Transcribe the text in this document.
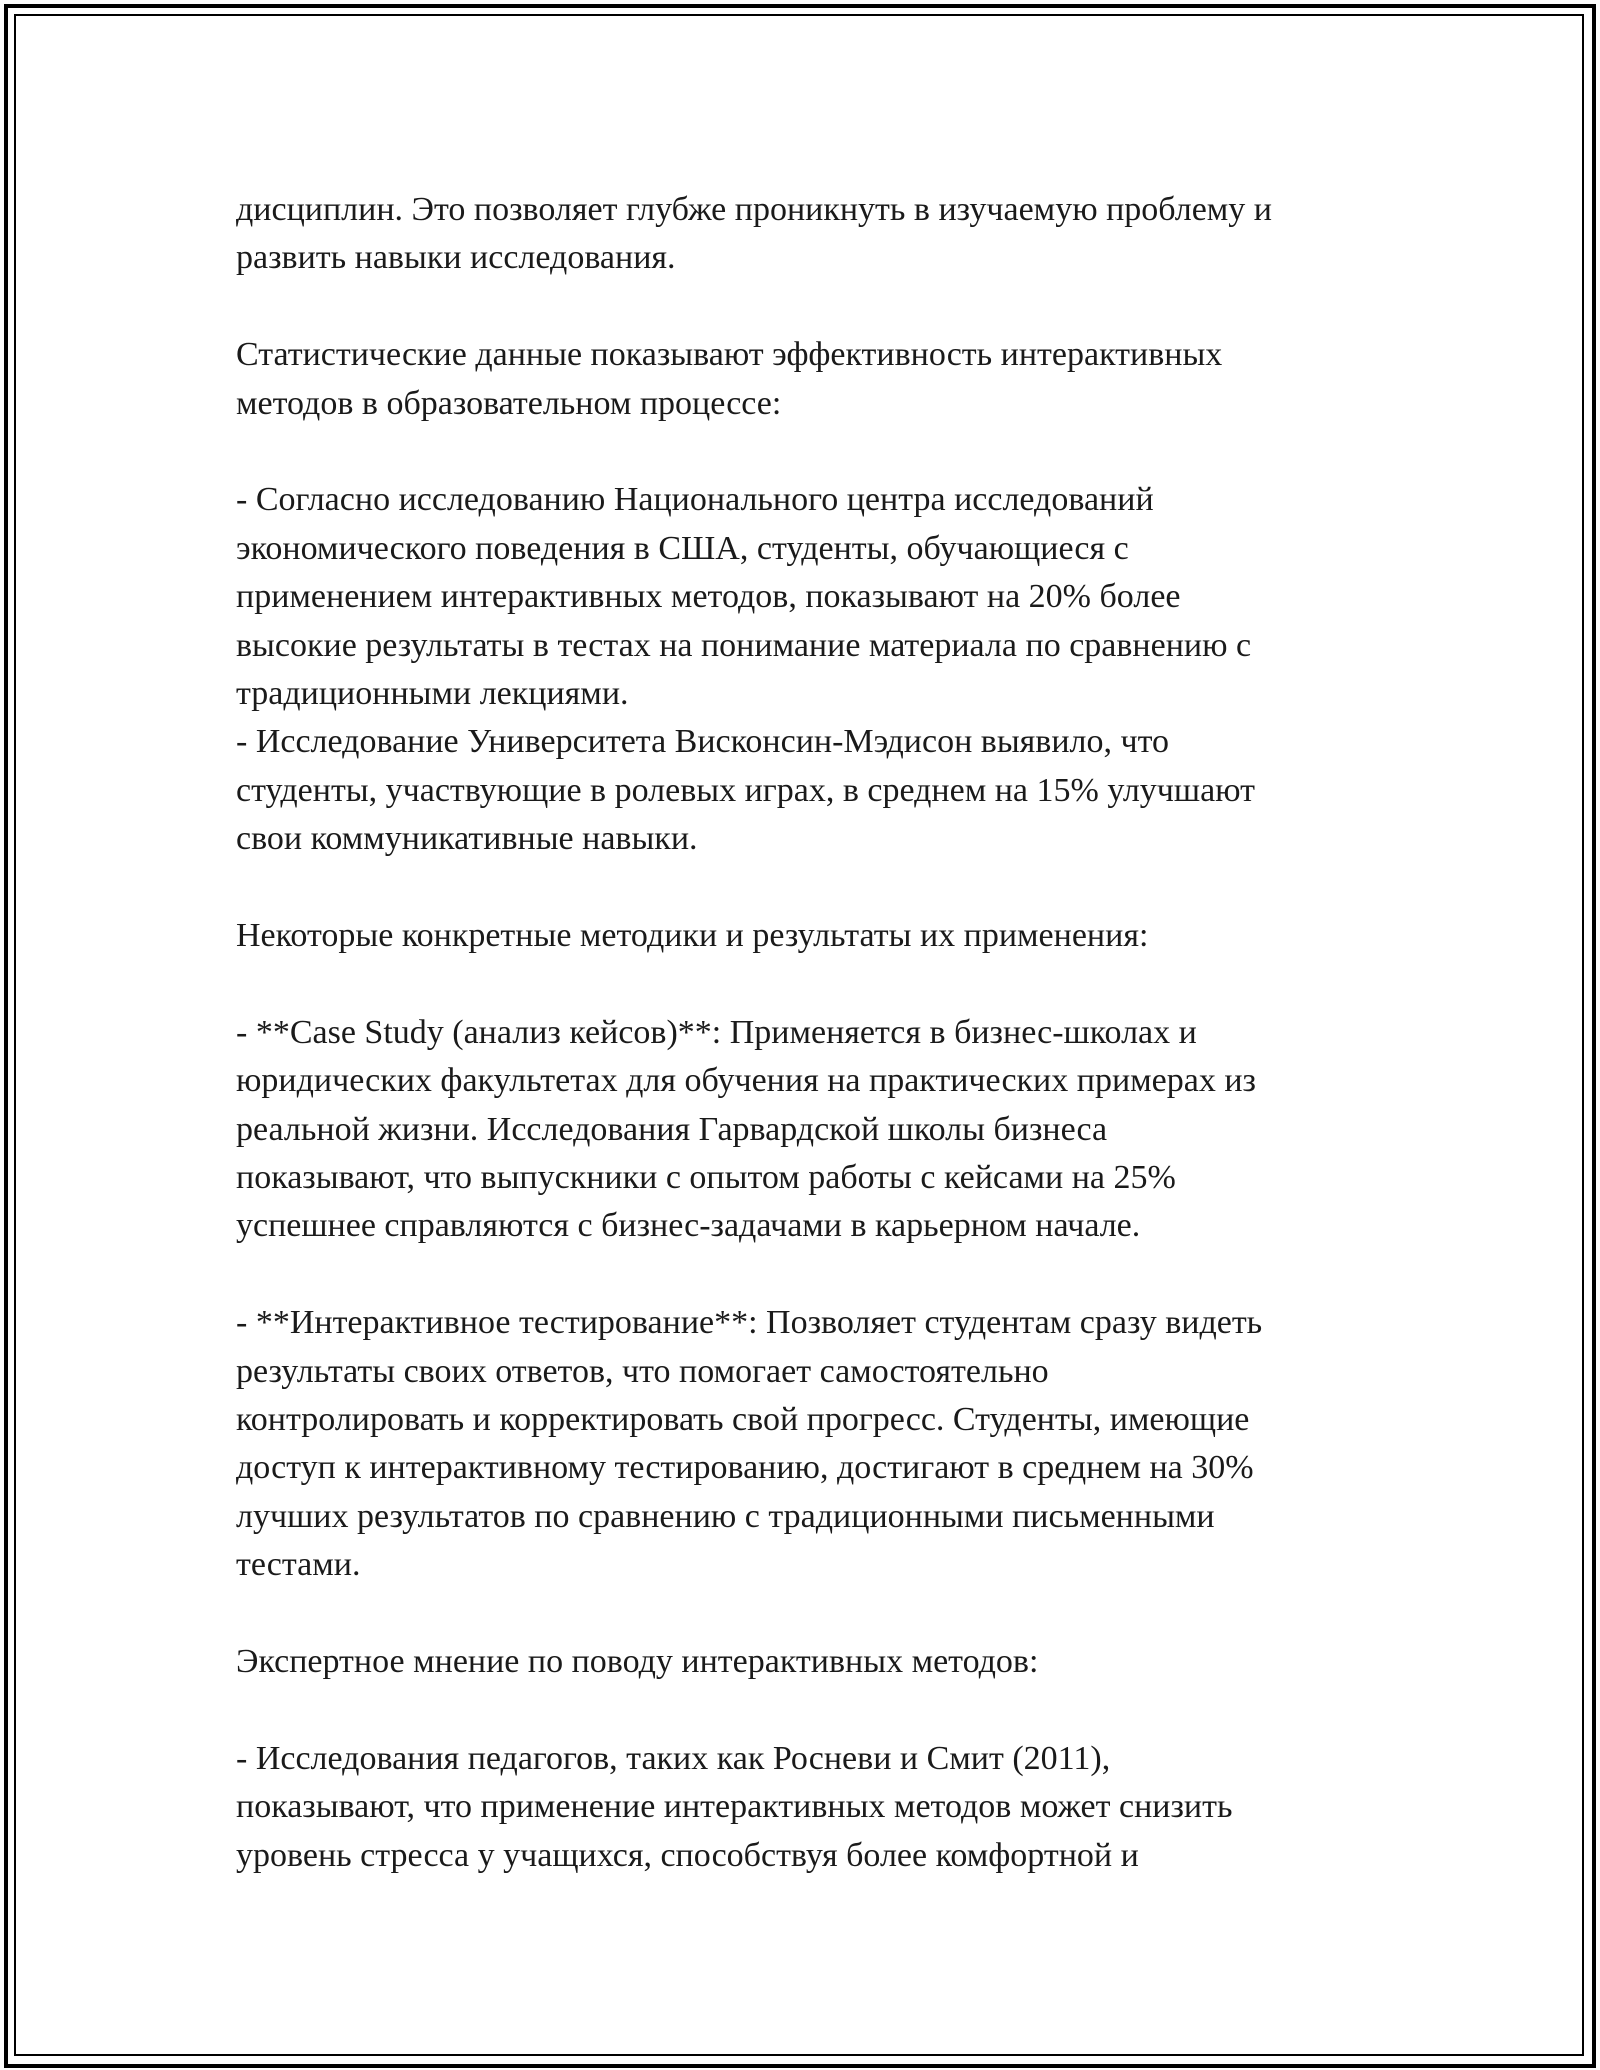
дисциплин. Это позволяет глубже проникнуть в изучаемую проблему и
развить навыки исследования.

Статистические данные показывают эффективность интерактивных
методов в образовательном процессе:

- Согласно исследованию Национального центра исследований
экономического поведения в США, студенты, обучающиеся с
применением интерактивных методов, показывают на 20% более
высокие результаты в тестах на понимание материала по сравнению с
традиционными лекциями.

- Исследование Университета Висконсин-Мэдисон выявило, что
студенты, участвующие в ролевых играх, в среднем на 15% улучшают
свои коммуникативные навыки.

Некоторые конкретные методики и результаты их применения:

- **Case Study (анализ кейсов)**: Применяется в бизнес-школах и
юридических факультетах для обучения на практических примерах из
реальной жизни. Исследования Гарвардской школы бизнеса
показывают, что выпускники с опытом работы с кейсами на 25%
успешнее справляются с бизнес-задачами в карьерном начале.

- **Интерактивное тестирование**: Позволяет студентам сразу видеть
результаты своих ответов, что помогает самостоятельно
контролировать и корректировать свой прогресс. Студенты, имеющие
доступ к интерактивному тестированию, достигают в среднем на 30%
лучших результатов по сравнению с традиционными письменными
тестами.

Экспертное мнение по поводу интерактивных методов:

- Исследования педагогов, таких как Росневи и Смит (2011),
показывают, что применение интерактивных методов может снизить
уровень стресса у учащихся, способствуя более комфортной и
